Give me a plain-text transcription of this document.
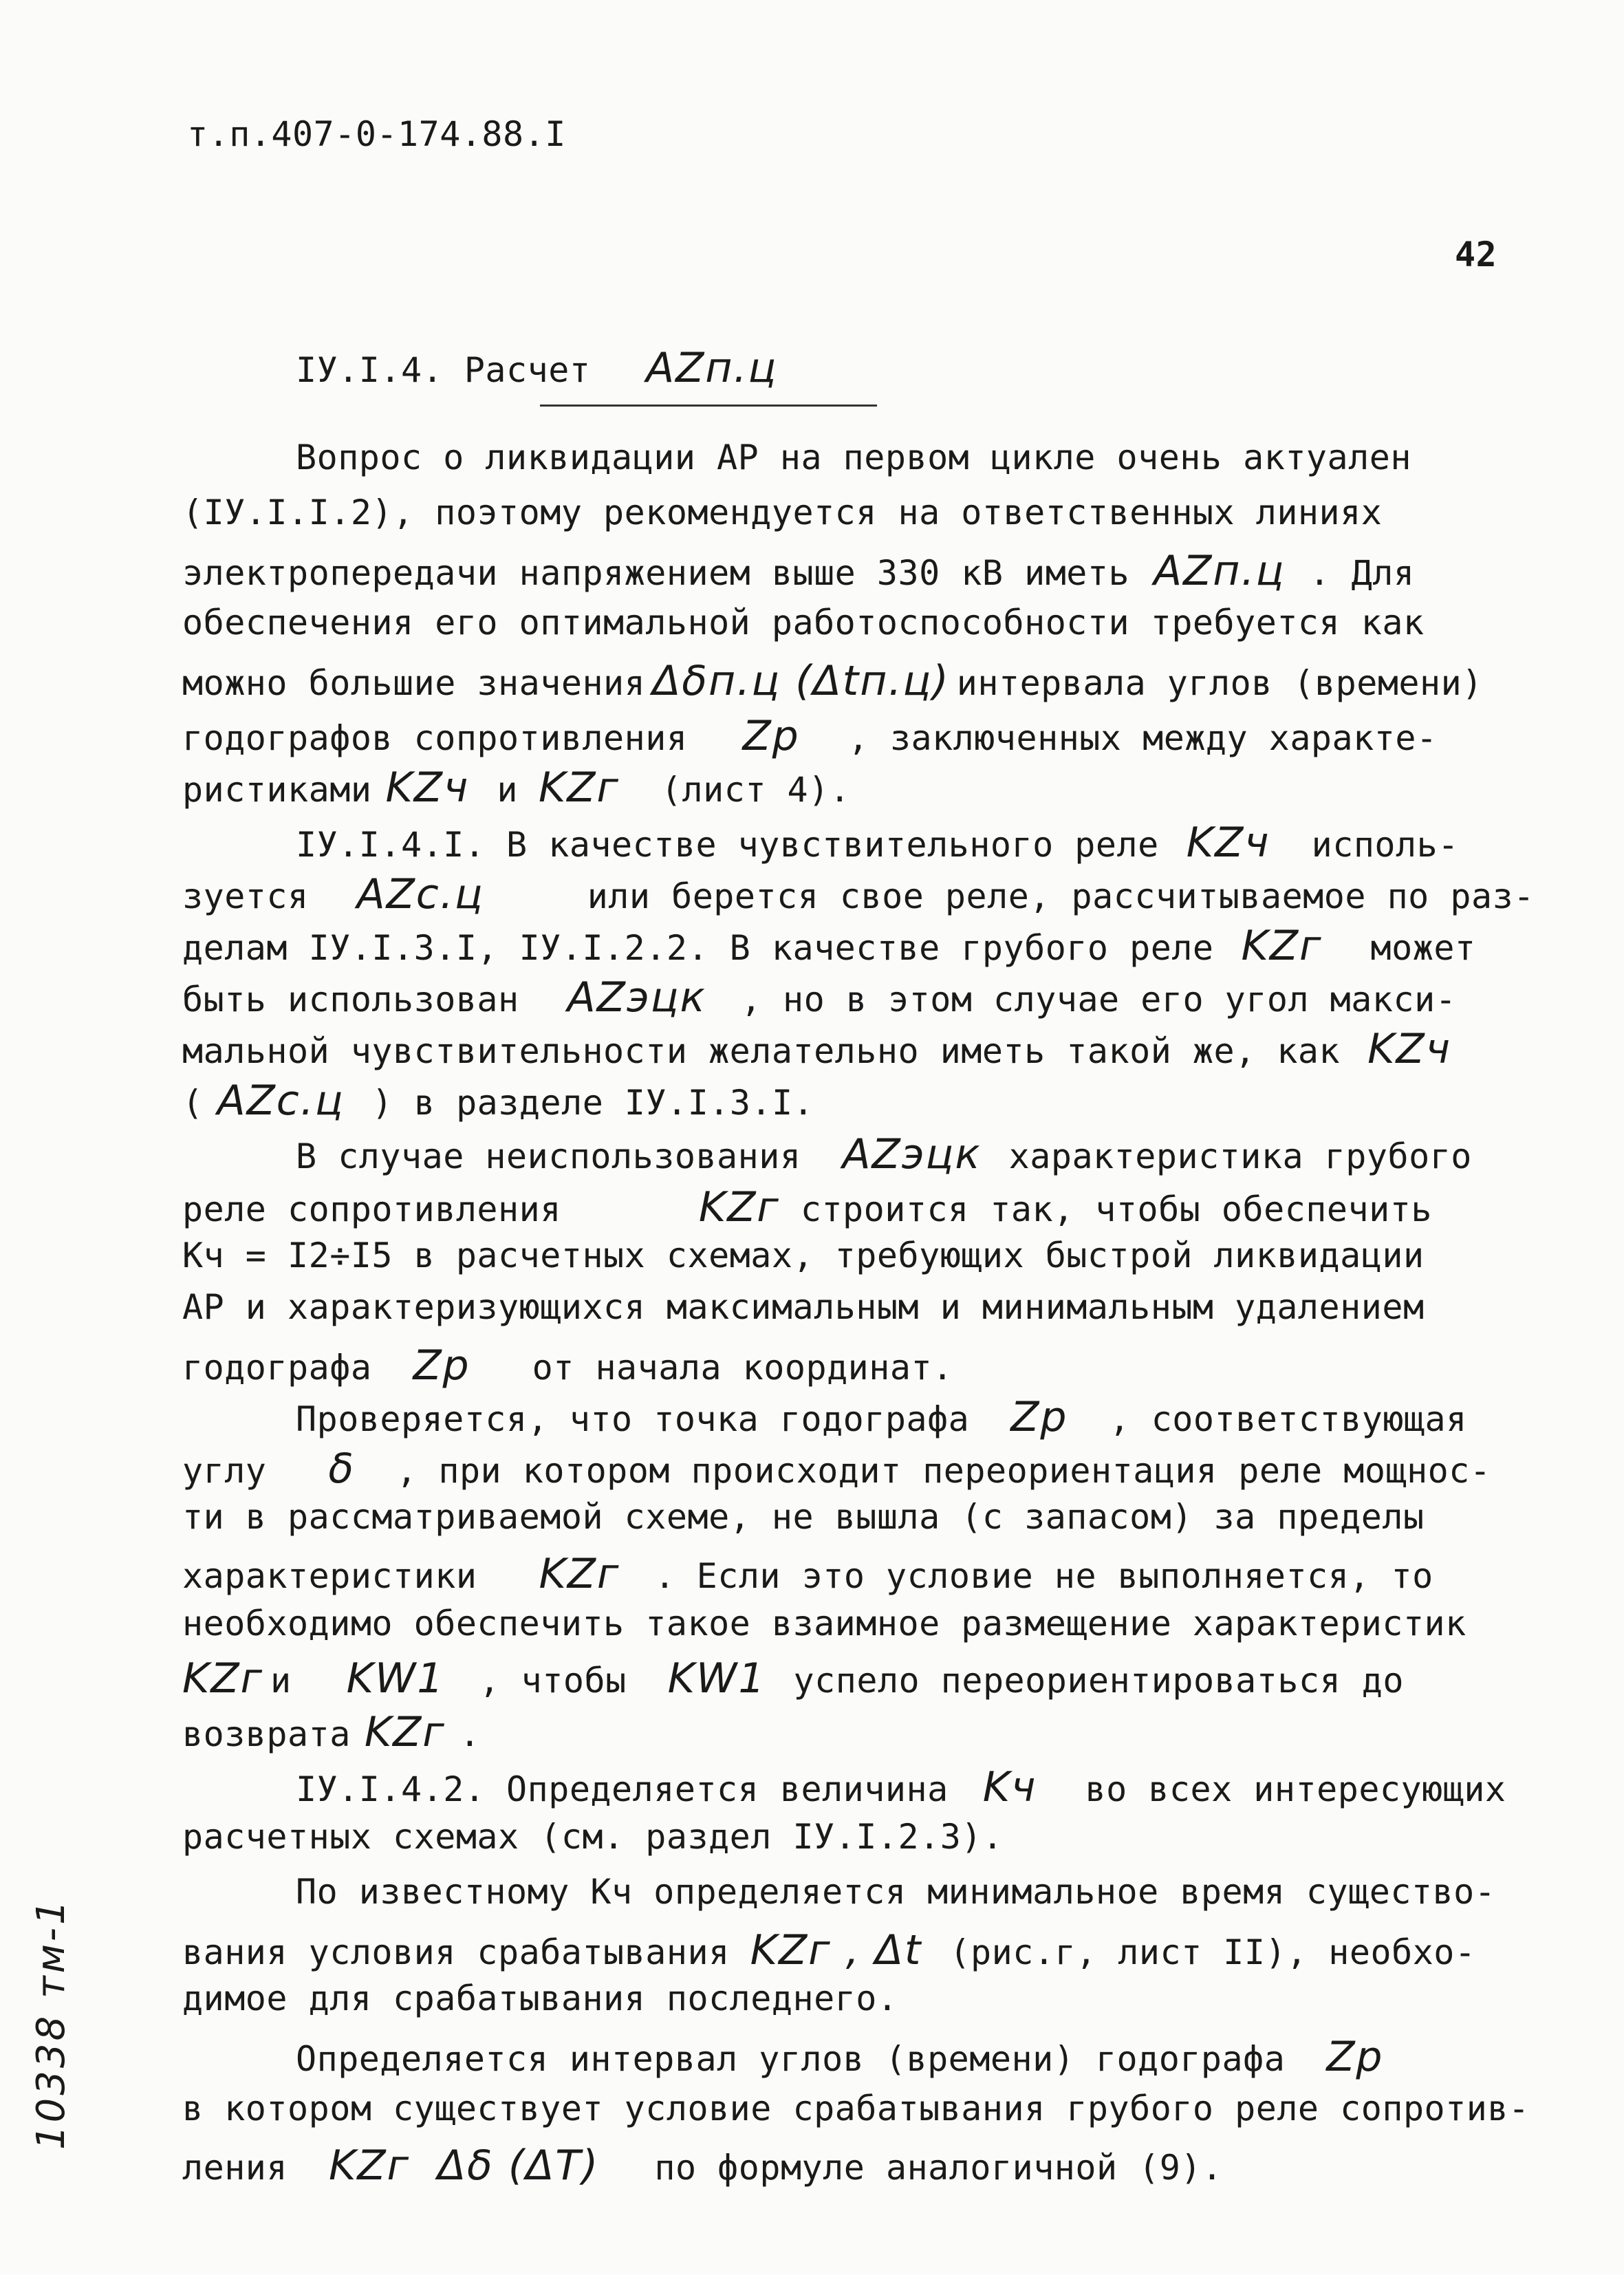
т.п.407-0-174.88.I
42
IУ.I.4. Расчет AZп.ц
Вопрос о ликвидации АР на первом цикле очень актуален
(IУ.I.I.2), поэтому рекомендуется на ответственных линиях
электропередачи напряжением выше 330 кВ иметь AZп.ц . Для
обеспечения его оптимальной работоспособности требуется как
можно большие значения Δδп.ц (Δtп.ц) интервала углов (времени)
годографов сопротивления Zр , заключенных между характе-
ристиками KZч и KZг (лист 4).
IУ.I.4.I. В качестве чувствительного реле KZч исполь-
зуется AZс.ц	или берется свое реле, рассчитываемое по раз-
делам IУ.I.3.I, IУ.I.2.2. В качестве грубого реле KZг может
быть использован AZэцк , но в этом случае его угол макси-
мальной чувствительности желательно иметь такой же, как KZч
( AZс.ц ) в разделе IУ.I.3.I.
В случае неиспользования AZэцк характеристика грубого
реле сопротивления	KZг строится так, чтобы обеспечить
Кч = I2÷I5 в расчетных схемах, требующих быстрой ликвидации
АР и характеризующихся максимальным и минимальным удалением
годографа Zр от начала координат.
Проверяется, что точка годографа Zр , соответствующая
углу δ , при котором происходит переориентация реле мощнос-
ти в рассматриваемой схеме, не вышла (с запасом) за пределы
характеристики KZг . Если это условие не выполняется, то
необходимо обеспечить такое взаимное размещение характеристик
KZг и KW1 , чтобы KW1 успело переориентироваться до
возврата KZг .
IУ.I.4.2. Определяется величина Kч во всех интересующих
расчетных схемах (см. раздел IУ.I.2.3).
По известному Кч определяется минимальное время существо-
вания условия срабатывания KZг , Δt (рис.г, лист II), необхо-
димое для срабатывания последнего.
Определяется интервал углов (времени) годографа Zр
в котором существует условие срабатывания грубого реле сопротив-
ления KZг Δδ (ΔT) по формуле аналогичной (9).
10338 тм-1
